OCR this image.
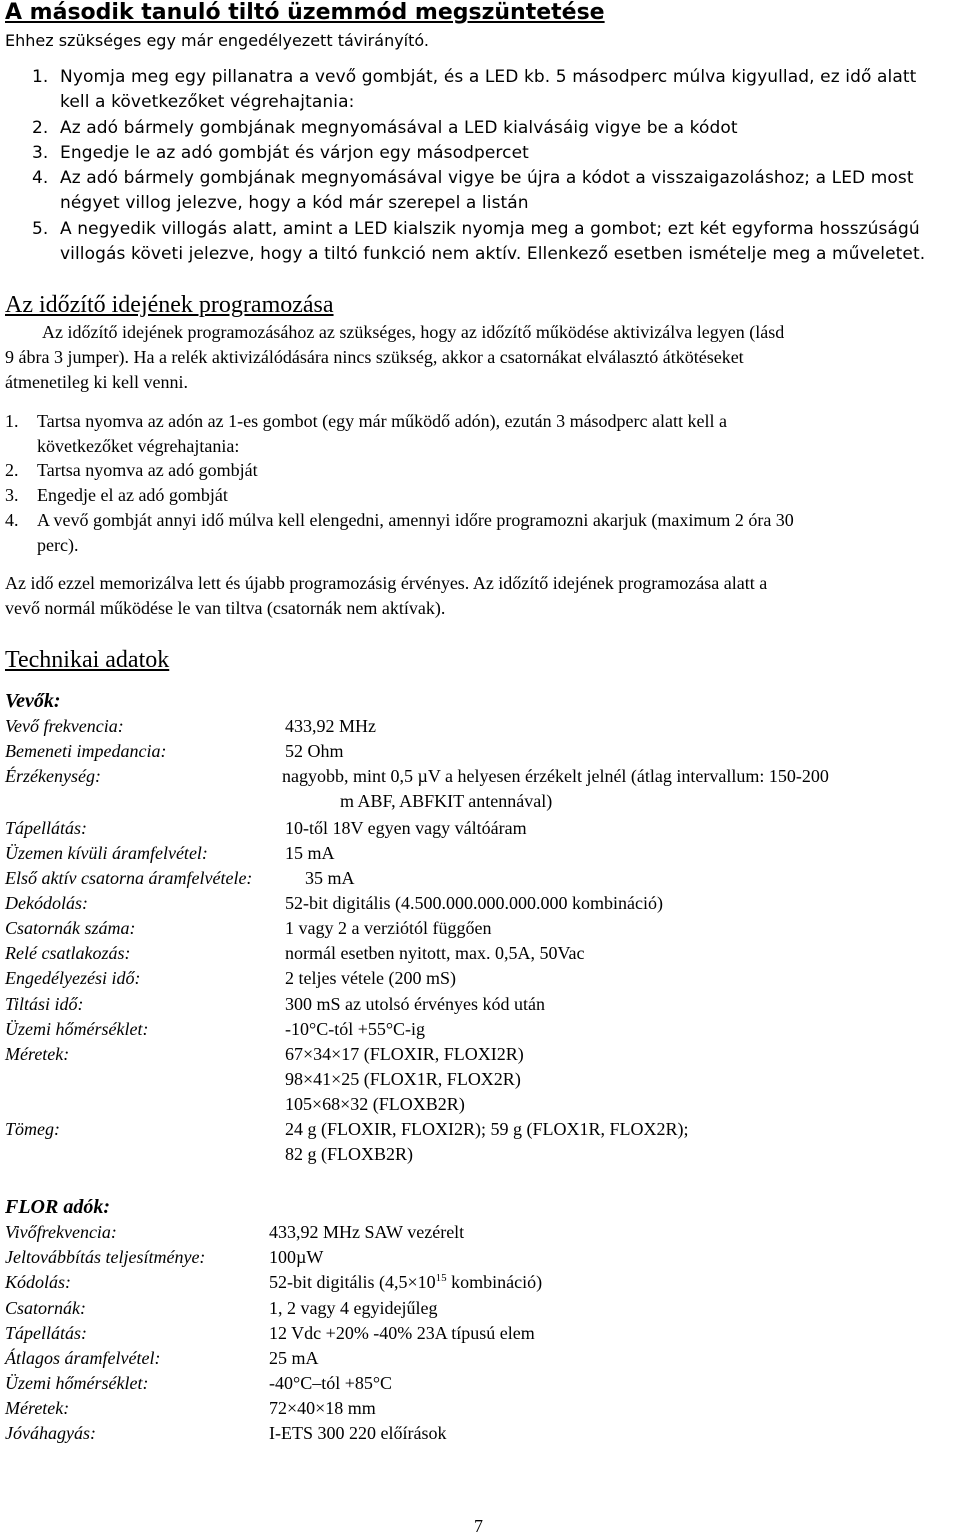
A második tanuló tiltó üzemmód megszüntetése
Ehhez szükséges egy már engedélyezett távirányító.
1. Nyomja meg egy pillanatra a vevő gombját, és a LED kb. 5 másodperc múlva kigyullad, ez idő alatt
kell a következőket végrehajtania:
2. Az adó bármely gombjának megnyomásával a LED kialvásáig vigye be a kódot
3. Engedje le az adó gombját és várjon egy másodpercet
4. Az adó bármely gombjának megnyomásával vigye be újra a kódot a visszaigazoláshoz; a LED most
négyet villog jelezve, hogy a kód már szerepel a listán
5. A negyedik villogás alatt, amint a LED kialszik nyomja meg a gombot; ezt két egyforma hosszúságú
villogás követi jelezve, hogy a tiltó funkció nem aktív. Ellenkező esetben ismételje meg a műveletet.
Az időzítő idejének programozása
Az időzítő idejének programozásához az szükséges, hogy az időzítő működése aktivizálva legyen (lásd
9 ábra 3 jumper). Ha a relék aktivizálódására nincs szükség, akkor a csatornákat elválasztó átkötéseket
átmenetileg ki kell venni.
1. Tartsa nyomva az adón az 1-es gombot (egy már működő adón), ezután 3 másodperc alatt kell a
következőket végrehajtania:
2. Tartsa nyomva az adó gombját
3. Engedje el az adó gombját
4. A vevő gombját annyi idő múlva kell elengedni, amennyi időre programozni akarjuk (maximum 2 óra 30
perc).
Az idő ezzel memorizálva lett és újabb programozásig érvényes. Az időzítő idejének programozása alatt a
vevő normál működése le van tiltva (csatornák nem aktívak).
Technikai adatok
Vevők:
Vevő frekvencia:	433,92 MHz
Bemeneti impedancia:	52 Ohm
Érzékenység:	nagyobb, mint 0,5 µV a helyesen érzékelt jelnél (átlag intervallum: 150-200
m ABF, ABFKIT antennával)
Tápellátás:	10-től 18V egyen vagy váltóáram
Üzemen kívüli áramfelvétel:	15 mA
Első aktív csatorna áramfelvétele:	35 mA
Dekódolás:	52-bit digitális (4.500.000.000.000.000 kombináció)
Csatornák száma:	1 vagy 2 a verziótól függően
Relé csatlakozás:	normál esetben nyitott, max. 0,5A, 50Vac
Engedélyezési idő:	2 teljes vétele (200 mS)
Tiltási idő:	300 mS az utolsó érvényes kód után
Üzemi hőmérséklet:	-10°C-tól +55°C-ig
Méretek:	67×34×17 (FLOXIR, FLOXI2R)
98×41×25 (FLOX1R, FLOX2R)
105×68×32 (FLOXB2R)
Tömeg:	24 g (FLOXIR, FLOXI2R); 59 g (FLOX1R, FLOX2R);
82 g (FLOXB2R)
FLOR adók:
Vivőfrekvencia:	433,92 MHz SAW vezérelt
Jeltovábbítás teljesítménye:	100µW
Kódolás:	52-bit digitális ($4,5\times 10^{15}$ kombináció)
Csatornák:	1, 2 vagy 4 egyidejűleg
Tápellátás:	12 Vdc +20% -40% 23A típusú elem
Átlagos áramfelvétel:	25 mA
Üzemi hőmérséklet:	-40°C–tól +85°C
Méretek:	72×40×18 mm
Jóváhagyás:	I-ETS 300 220 előírások
7
